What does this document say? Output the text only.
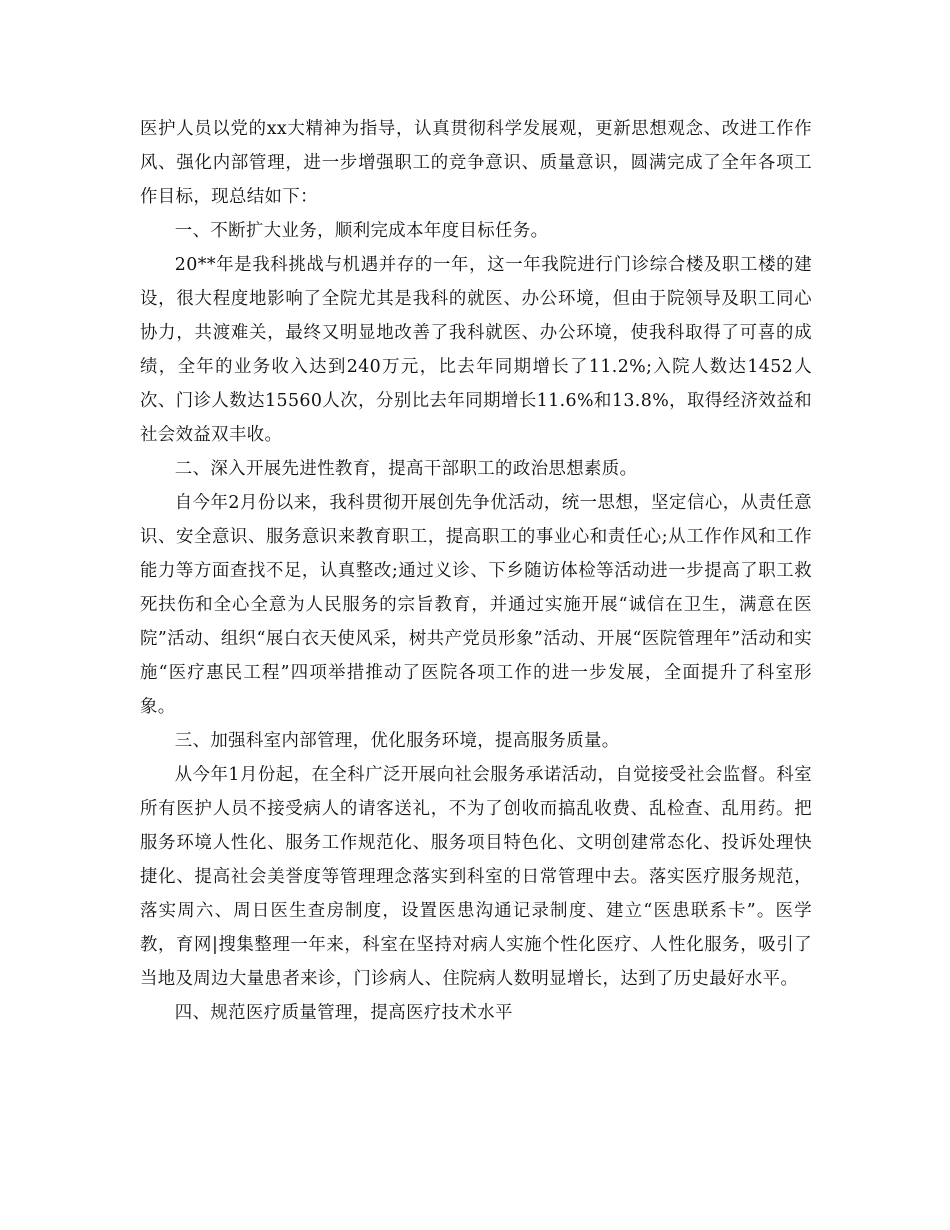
医护人员以党的xx大精神为指导，认真贯彻科学发展观，更新思想观念、改进工作作风、强化内部管理，进一步增强职工的竞争意识、质量意识，圆满完成了全年各项工作目标，现总结如下：

一、不断扩大业务，顺利完成本年度目标任务。

20**年是我科挑战与机遇并存的一年，这一年我院进行门诊综合楼及职工楼的建设，很大程度地影响了全院尤其是我科的就医、办公环境，但由于院领导及职工同心协力，共渡难关，最终又明显地改善了我科就医、办公环境，使我科取得了可喜的成绩，全年的业务收入达到240万元，比去年同期增长了11.2%;入院人数达1452人次、门诊人数达15560人次，分别比去年同期增长11.6%和13.8%，取得经济效益和社会效益双丰收。

二、深入开展先进性教育，提高干部职工的政治思想素质。

自今年2月份以来，我科贯彻开展创先争优活动，统一思想，坚定信心，从责任意识、安全意识、服务意识来教育职工，提高职工的事业心和责任心;从工作作风和工作能力等方面查找不足，认真整改;通过义诊、下乡随访体检等活动进一步提高了职工救死扶伤和全心全意为人民服务的宗旨教育，并通过实施开展“诚信在卫生，满意在医院”活动、组织“展白衣天使风采，树共产党员形象”活动、开展“医院管理年”活动和实施“医疗惠民工程”四项举措推动了医院各项工作的进一步发展，全面提升了科室形象。

三、加强科室内部管理，优化服务环境，提高服务质量。

从今年1月份起，在全科广泛开展向社会服务承诺活动，自觉接受社会监督。科室所有医护人员不接受病人的请客送礼，不为了创收而搞乱收费、乱检查、乱用药。把服务环境人性化、服务工作规范化、服务项目特色化、文明创建常态化、投诉处理快捷化、提高社会美誉度等管理理念落实到科室的日常管理中去。落实医疗服务规范，落实周六、周日医生查房制度，设置医患沟通记录制度、建立“医患联系卡”。医学教，育网|搜集整理一年来，科室在坚持对病人实施个性化医疗、人性化服务，吸引了当地及周边大量患者来诊，门诊病人、住院病人数明显增长，达到了历史最好水平。

四、规范医疗质量管理，提高医疗技术水平
